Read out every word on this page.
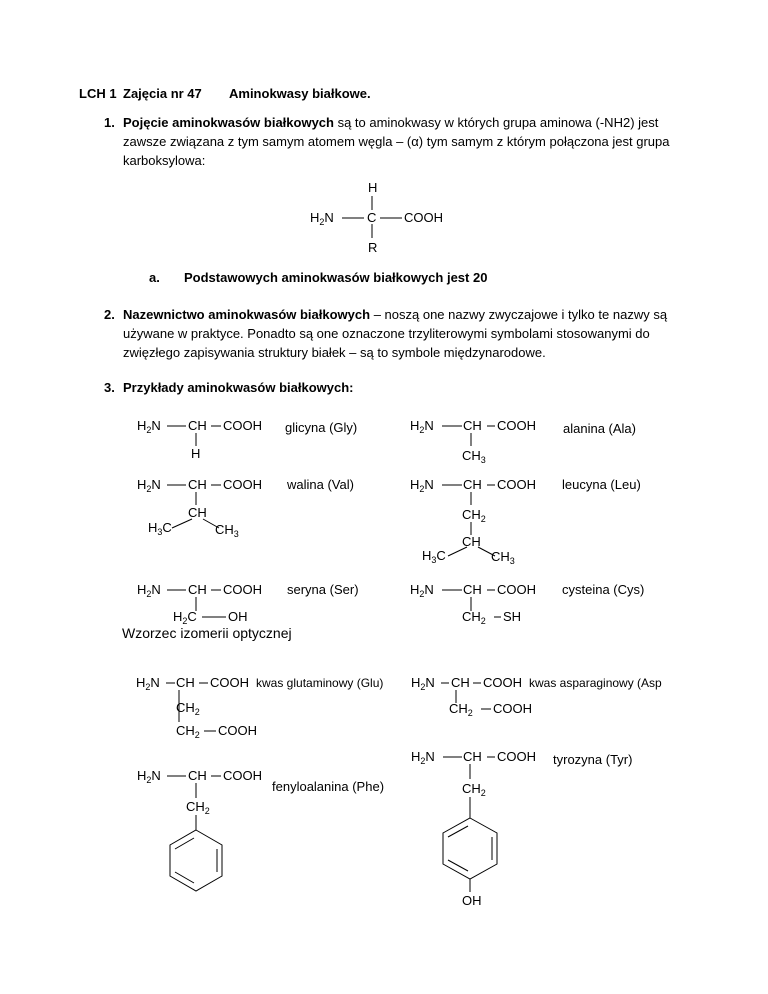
LCH 1 Zajęcia nr 47 Aminokwasy białkowe.
1. Pojęcie aminokwasów białkowych są to aminokwasy w których grupa aminowa (-NH2) jest zawsze związana z tym samym atomem węgla – (α) tym samym z którym połączona jest grupa karboksylowa:
a. Podstawowych aminokwasów białkowych jest 20
2. Nazewnictwo aminokwasów białkowych – noszą one nazwy zwyczajowe i tylko te nazwy są używane w praktyce. Ponadto są one oznaczone trzyliterowymi symbolami stosowanymi do zwięzłego zapisywania struktury białek – są to symbole międzynarodowe.
3. Przykłady aminokwasów białkowych:
Wzorzec izomerii optycznej
H
$H_2N$	C COOH
R
$H_2N$ CH COOH
H
glicyna (Gly)	$H_2N$ CH COOH
$CH_3$
alanina (Ala)
$H_2N$ CH COOH
CH
$H_3C$	$CH_3$
walina (Val)	$H_2N$ CH COOH
$CH_2$
CH
$H_3C$	$CH_3$
leucyna (Leu)
$H_2N$ CH COOH
$H_2C$ OH
seryna (Ser)	$H_2N$ CH COOH
$CH_2$ SH
cysteina (Cys)
$H_2N$ CH COOH
$CH_2$
$CH_2$ COOH
kwas glutaminowy (Glu) $H_2N$ CH COOH
$CH_2$ COOH
kwas asparaginowy (Asp
$H_2N$ CH COOH
$CH_2$
fenyloalanina (Phe)
$H_2N$ CH COOH
$CH_2$
OH
tyrozyna (Tyr)
